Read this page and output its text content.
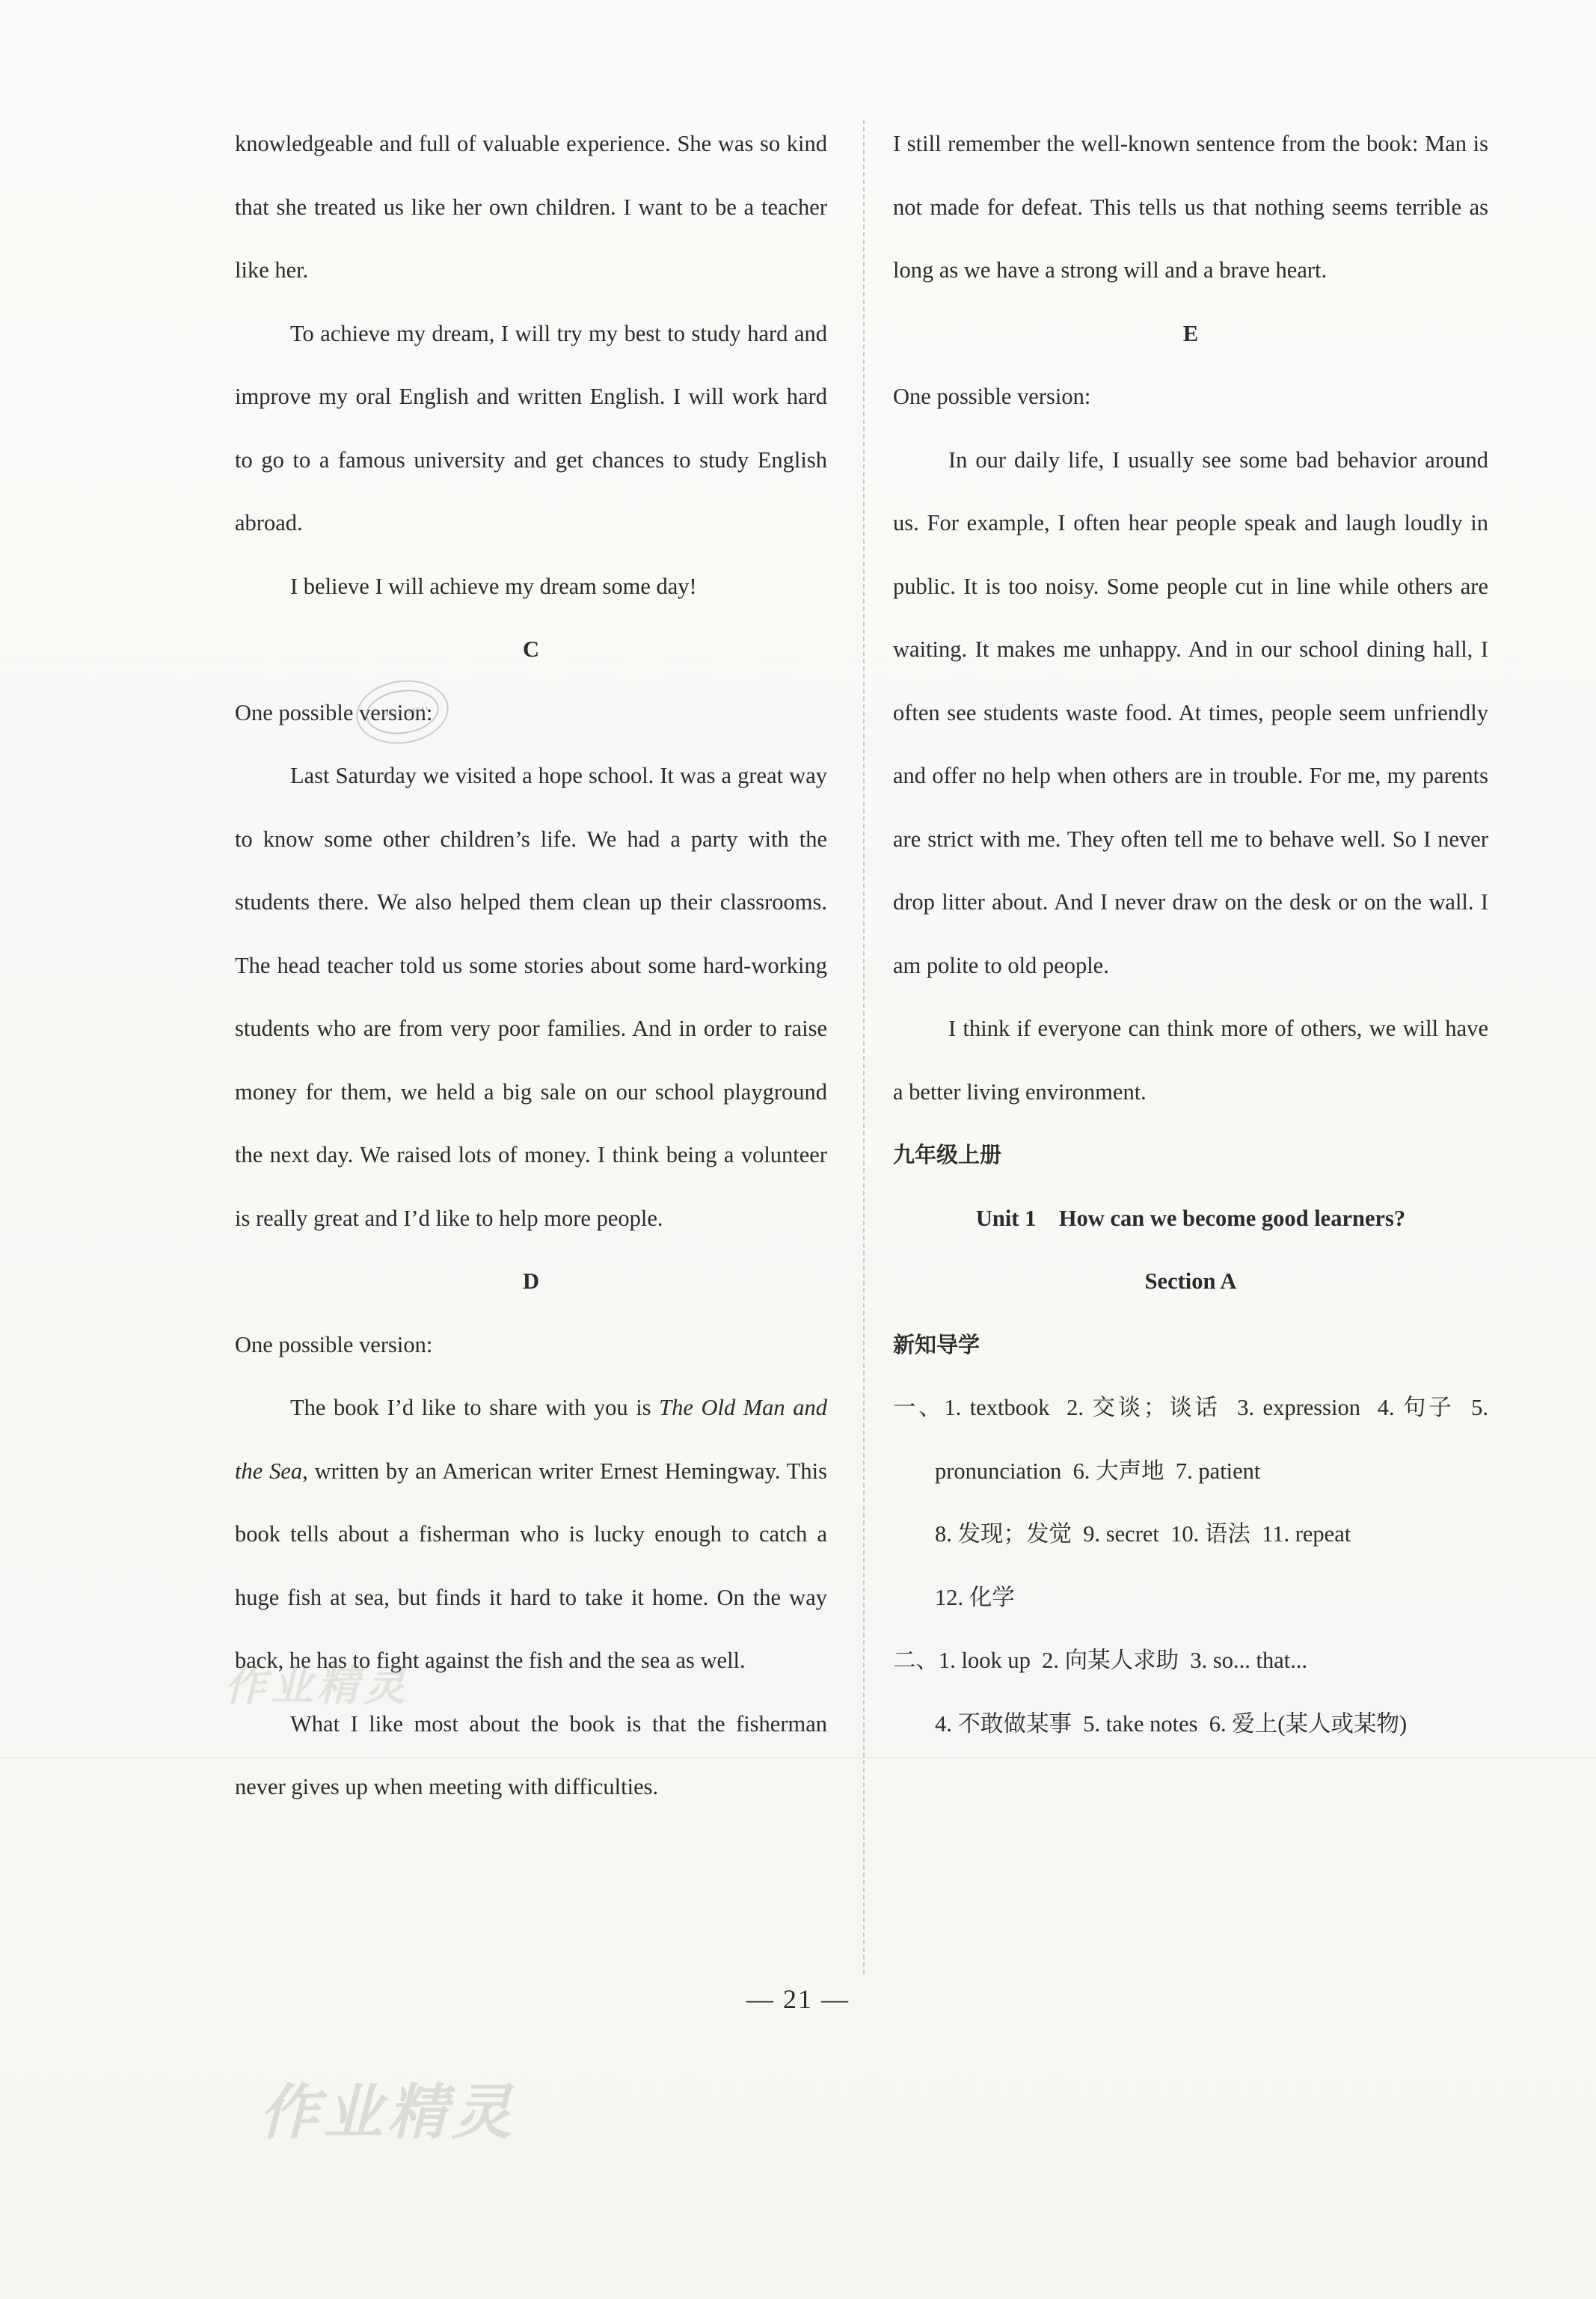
knowledgeable and full of valuable experience. She was so kind that she treated us like her own children. I want to be a teacher like her.

To achieve my dream, I will try my best to study hard and improve my oral English and written English. I will work hard to go to a famous university and get chances to study English abroad.

I believe I will achieve my dream some day!

C

One possible version:

Last Saturday we visited a hope school. It was a great way to know some other children’s life. We had a party with the students there. We also helped them clean up their classrooms. The head teacher told us some stories about some hard-working students who are from very poor families. And in order to raise money for them, we held a big sale on our school playground the next day. We raised lots of money. I think being a volunteer is really great and I’d like to help more people.

D

One possible version:

The book I’d like to share with you is The Old Man and the Sea, written by an American writer Ernest Hemingway. This book tells about a fisherman who is lucky enough to catch a huge fish at sea, but finds it hard to take it home. On the way back, he has to fight against the fish and the sea as well.

What I like most about the book is that the fisherman never gives up when meeting with difficulties.

I still remember the well-known sentence from the book: Man is not made for defeat. This tells us that nothing seems terrible as long as we have a strong will and a brave heart.

E

One possible version:

In our daily life, I usually see some bad behavior around us. For example, I often hear people speak and laugh loudly in public. It is too noisy. Some people cut in line while others are waiting. It makes me unhappy. And in our school dining hall, I often see students waste food. At times, people seem unfriendly and offer no help when others are in trouble. For me, my parents are strict with me. They often tell me to behave well. So I never drop litter about. And I never draw on the desk or on the wall. I am polite to old people.

I think if everyone can think more of others, we will have a better living environment.

九年级上册

Unit 1    How can we become good learners?

Section A

新知导学

一、1. textbook  2. 交谈；谈话  3. expression  4. 句子  5. pronunciation  6. 大声地  7. patient

8. 发现；发觉  9. secret  10. 语法  11. repeat

12. 化学

二、1. look up  2. 向某人求助  3. so... that...

4. 不敢做某事  5. take notes  6. 爱上(某人或某物)

作业精灵
作业精灵
— 21 —
